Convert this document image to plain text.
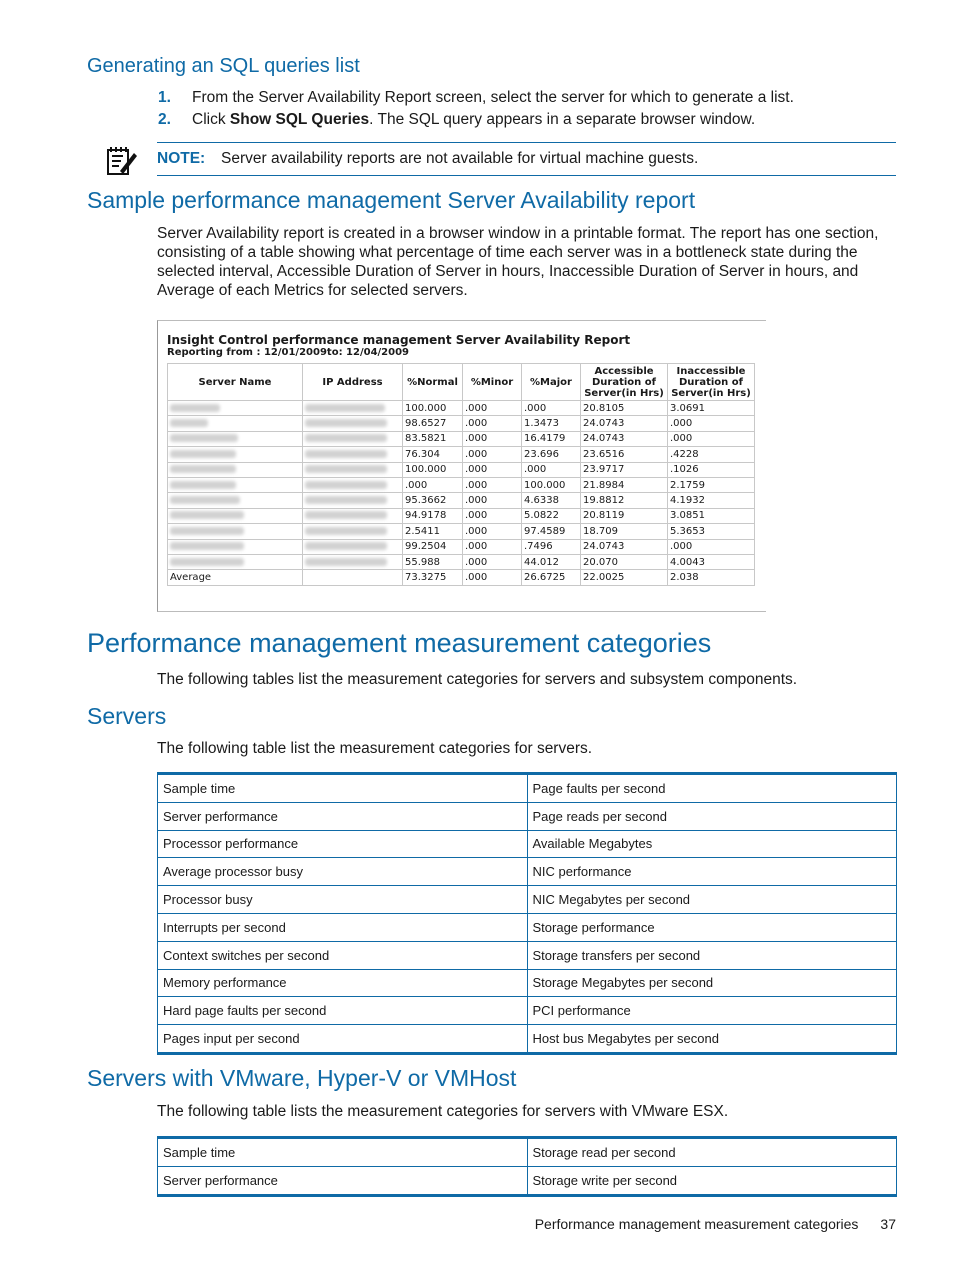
Generating an SQL queries list
1.	From the Server Availability Report screen, select the server for which to generate a list.
2.	Click Show SQL Queries. The SQL query appears in a separate browser window.
NOTE:	Server availability reports are not available for virtual machine guests.
Sample performance management Server Availability report

Server Availability report is created in a browser window in a printable format. The report has one section, consisting of a table showing what percentage of time each server was in a bottleneck state during the selected interval, Accessible Duration of Server in hours, Inaccessible Duration of Server in hours, and Average of each Metrics for selected servers.

Insight Control performance management Server Availability Report
Reporting from : 12/01/2009to: 12/04/2009
Server Name	IP Address	%Normal	%Minor	%Major	Accessible Duration of Server(in Hrs)	Inaccessible Duration of Server(in Hrs)
		100.000	.000	.000	20.8105	3.0691
		98.6527	.000	1.3473	24.0743	.000
		83.5821	.000	16.4179	24.0743	.000
		76.304	.000	23.696	23.6516	.4228
		100.000	.000	.000	23.9717	.1026
		.000	.000	100.000	21.8984	2.1759
		95.3662	.000	4.6338	19.8812	4.1932
		94.9178	.000	5.0822	20.8119	3.0851
		2.5411	.000	97.4589	18.709	5.3653
		99.2504	.000	.7496	24.0743	.000
		55.988	.000	44.012	20.070	4.0043
Average		73.3275	.000	26.6725	22.0025	2.038
Performance management measurement categories

The following tables list the measurement categories for servers and subsystem components.

Servers

The following table list the measurement categories for servers.

Sample time	Page faults per second
Server performance	Page reads per second
Processor performance	Available Megabytes
Average processor busy	NIC performance
Processor busy	NIC Megabytes per second
Interrupts per second	Storage performance
Context switches per second	Storage transfers per second
Memory performance	Storage Megabytes per second
Hard page faults per second	PCI performance
Pages input per second	Host bus Megabytes per second
Servers with VMware, Hyper-V or VMHost

The following table lists the measurement categories for servers with VMware ESX.

Sample time	Storage read per second
Server performance	Storage write per second
Performance management measurement categories 37
